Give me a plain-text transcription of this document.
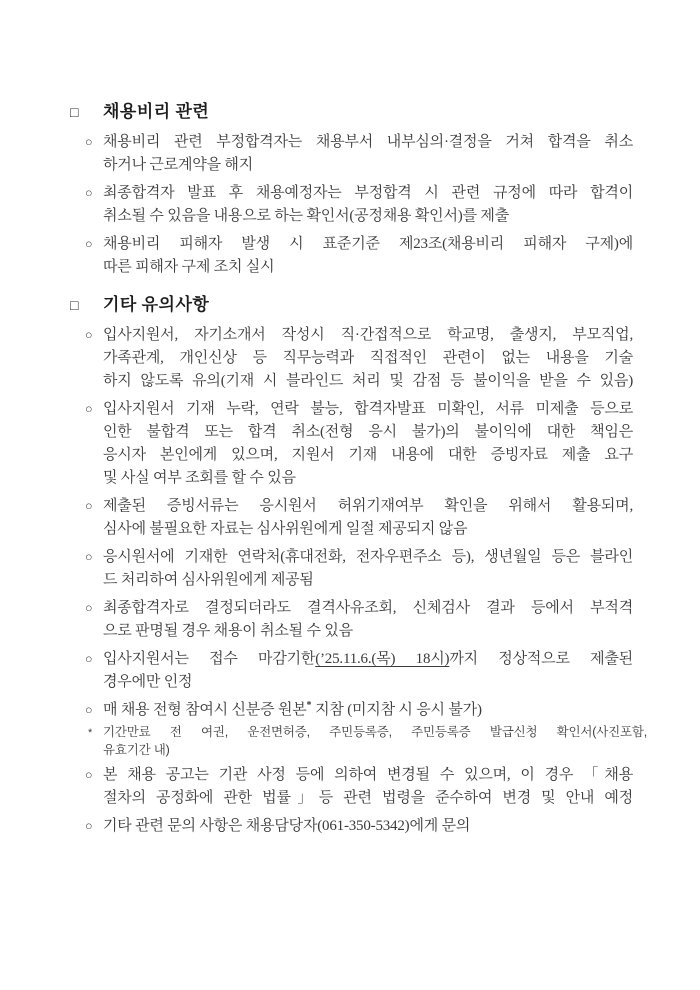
□ 채용비리 관련
○ 채용비리 관련 부정합격자는 채용부서 내부심의·결정을 거쳐 합격을 취소
하거나 근로계약을 해지
○ 최종합격자 발표 후 채용예정자는 부정합격 시 관련 규정에 따라 합격이
취소될 수 있음을 내용으로 하는 확인서(공정채용 확인서)를 제출
○ 채용비리 피해자 발생 시 표준기준 제23조(채용비리 피해자 구제)에
따른 피해자 구제 조치 실시
□ 기타 유의사항
○ 입사지원서, 자기소개서 작성시 직·간접적으로 학교명, 출생지, 부모직업,
가족관계, 개인신상 등 직무능력과 직접적인 관련이 없는 내용을 기술
하지 않도록 유의(기재 시 블라인드 처리 및 감점 등 불이익을 받을 수 있음)
○ 입사지원서 기재 누락, 연락 불능, 합격자발표 미확인, 서류 미제출 등으로
인한 불합격 또는 합격 취소(전형 응시 불가)의 불이익에 대한 책임은
응시자 본인에게 있으며, 지원서 기재 내용에 대한 증빙자료 제출 요구
및 사실 여부 조회를 할 수 있음
○ 제출된 증빙서류는 응시원서 허위기재여부 확인을 위해서 활용되며,
심사에 불필요한 자료는 심사위원에게 일절 제공되지 않음
○ 응시원서에 기재한 연락처(휴대전화, 전자우편주소 등), 생년월일 등은 블라인
드 처리하여 심사위원에게 제공됨
○ 최종합격자로 결정되더라도 결격사유조회, 신체검사 결과 등에서 부적격
으로 판명될 경우 채용이 취소될 수 있음
○ 입사지원서는 접수 마감기한(’25.11.6.(목) 18시)까지 정상적으로 제출된
경우에만 인정
○ 매 채용 전형 참여시 신분증 원본* 지참 (미지참 시 응시 불가)
* 기간만료 전 여권, 운전면허증, 주민등록증, 주민등록증 발급신청 확인서(사진포함,
유효기간 내)
○ 본 채용 공고는 기관 사정 등에 의하여 변경될 수 있으며, 이 경우 「채용
절차의 공정화에 관한 법률」등 관련 법령을 준수하여 변경 및 안내 예정
○ 기타 관련 문의 사항은 채용담당자(061-350-5342)에게 문의
